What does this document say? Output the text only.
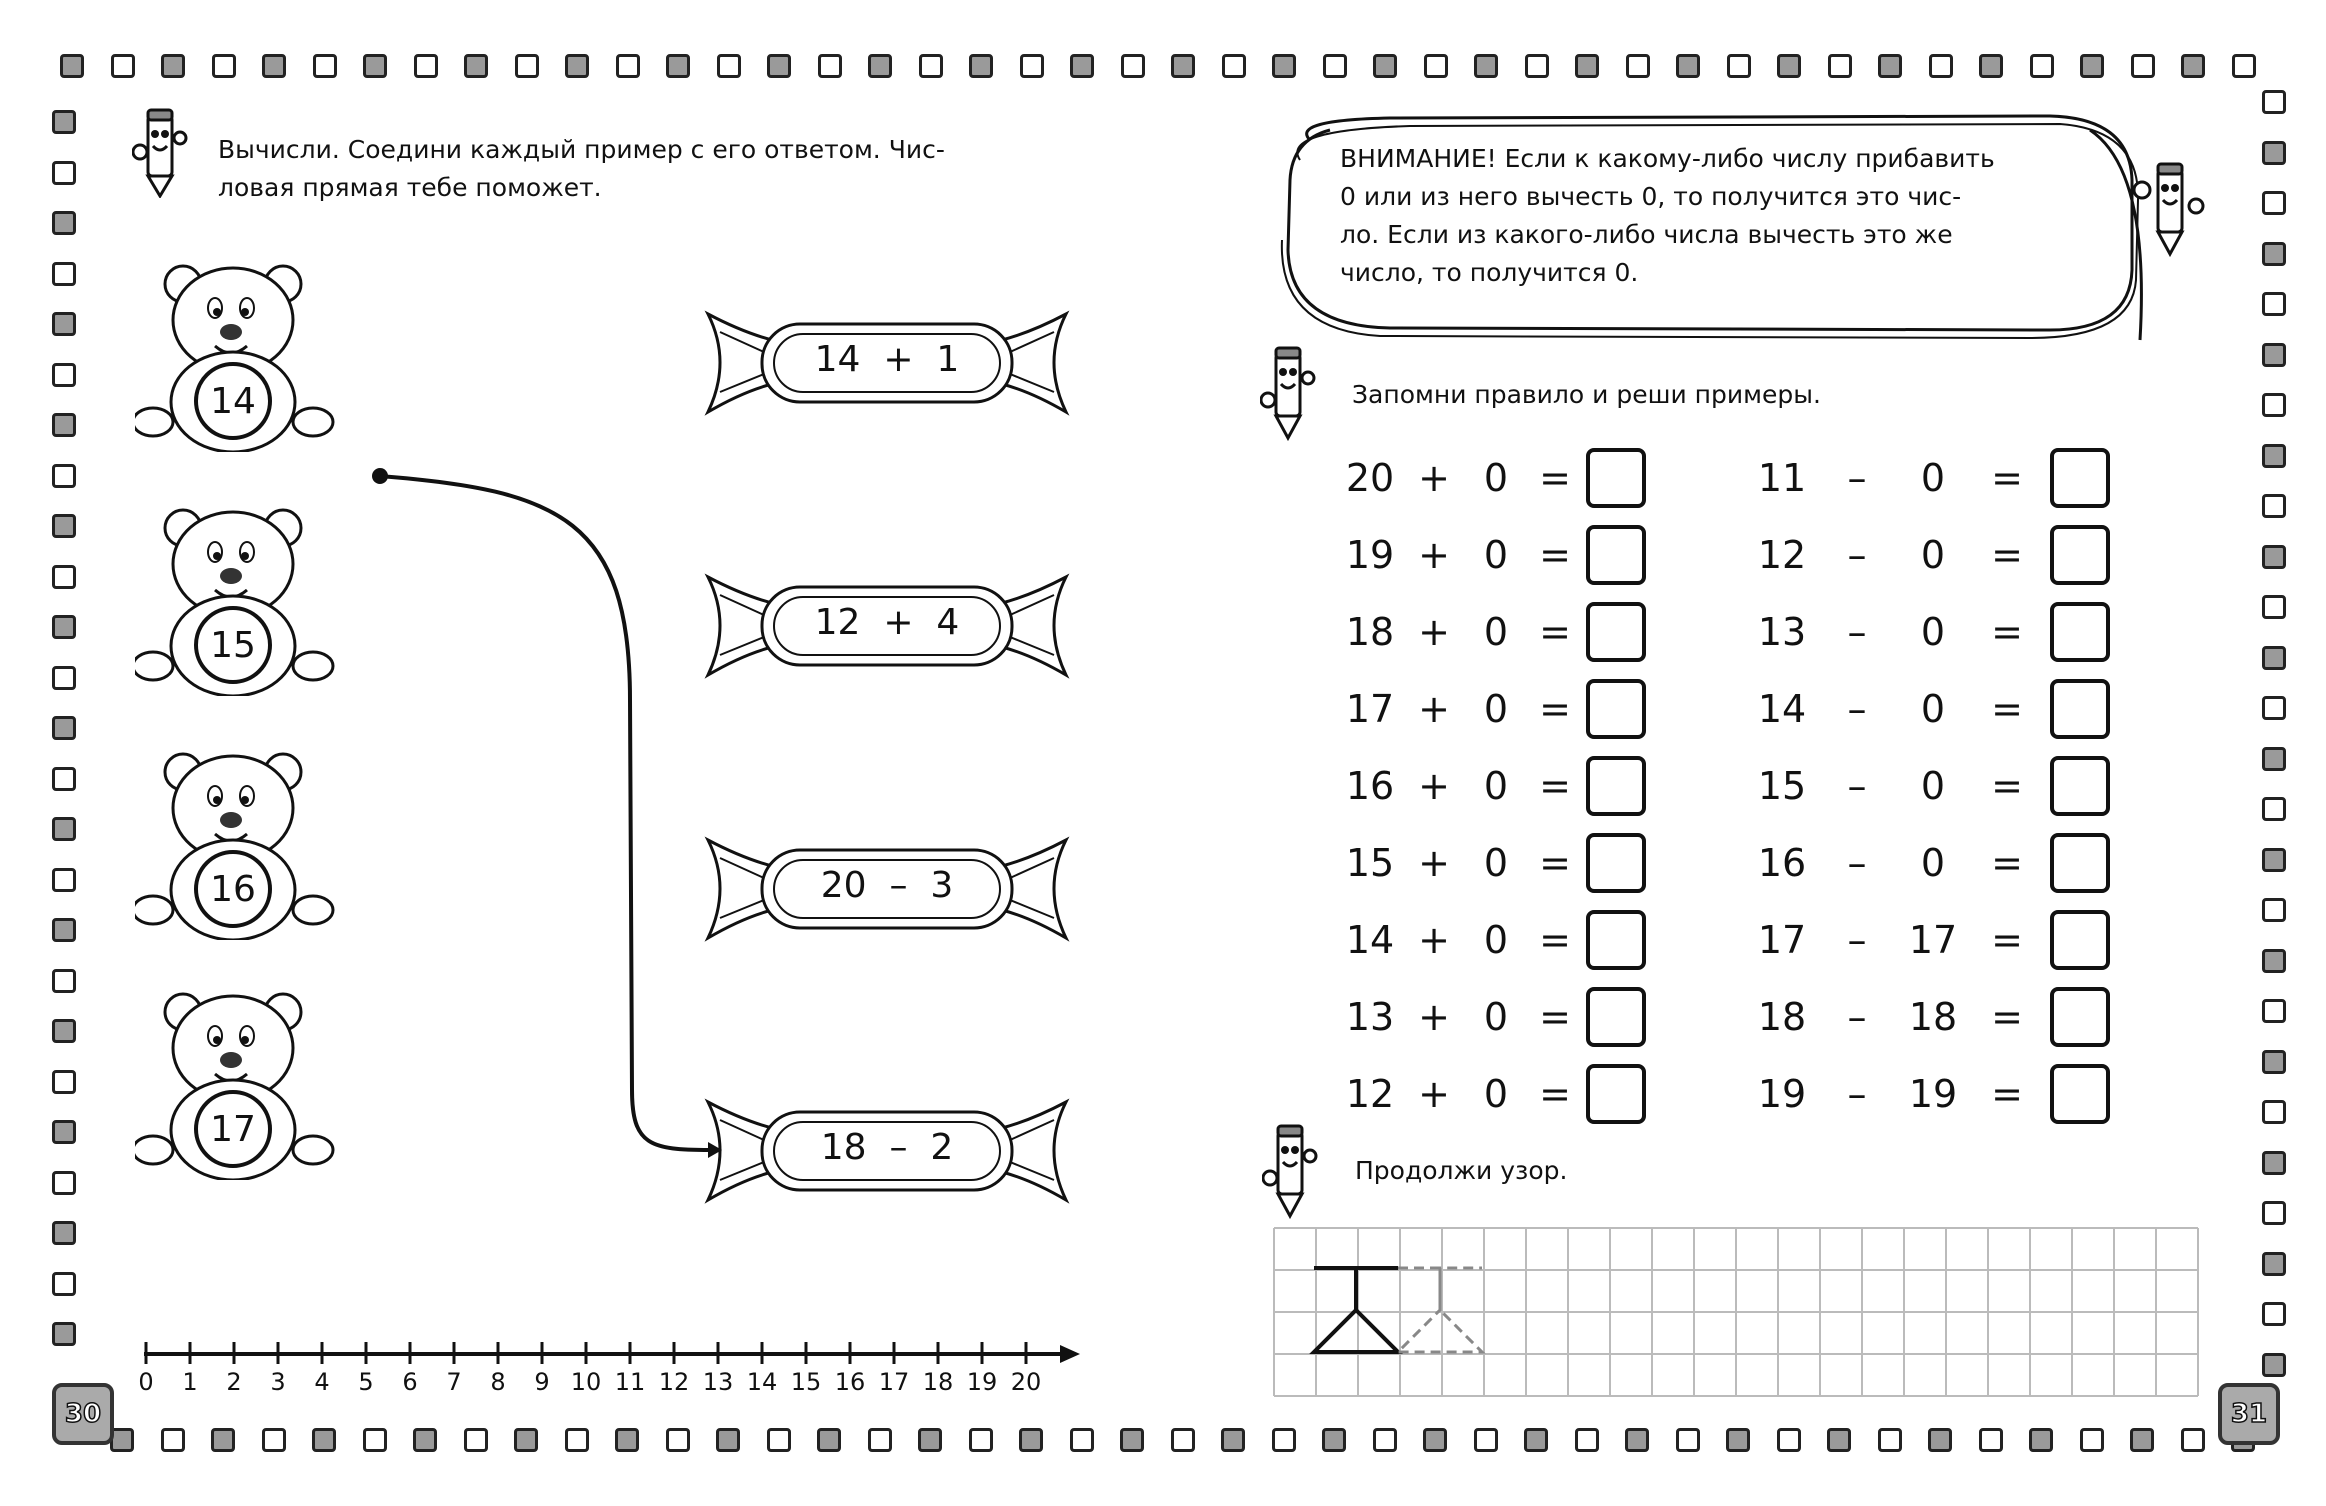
Вычисли. Соедини каждый пример с его ответом. Чис-
ловая прямая тебе поможет.
14
15
16
17
14 + 1
12 + 4
20 – 3
18 – 2
0	1	2	3	4	5	6	7	8	9 10 11 12 13 14 15 16 17 18 19 20
30
ВНИМАНИЕ! Если к какому-либо числу прибавить
0 или из него вычесть 0, то получится это чис-
ло. Если из какого-либо числа вычесть это же
число, то получится 0.
Запомни правило и реши примеры.
20 + 0 =
19 + 0 =
18 + 0 =
17 + 0 =
16 + 0 =
15 + 0 =
14 + 0 =
13 + 0 =
12 + 0 =
11	–	0	=
12	–	0	=
13	–	0	=
14	–	0	=
15	–	0	=
16	–	0	=
17	–	17 =
18	–	18 =
19	–	19 =
Продолжи узор.
31
